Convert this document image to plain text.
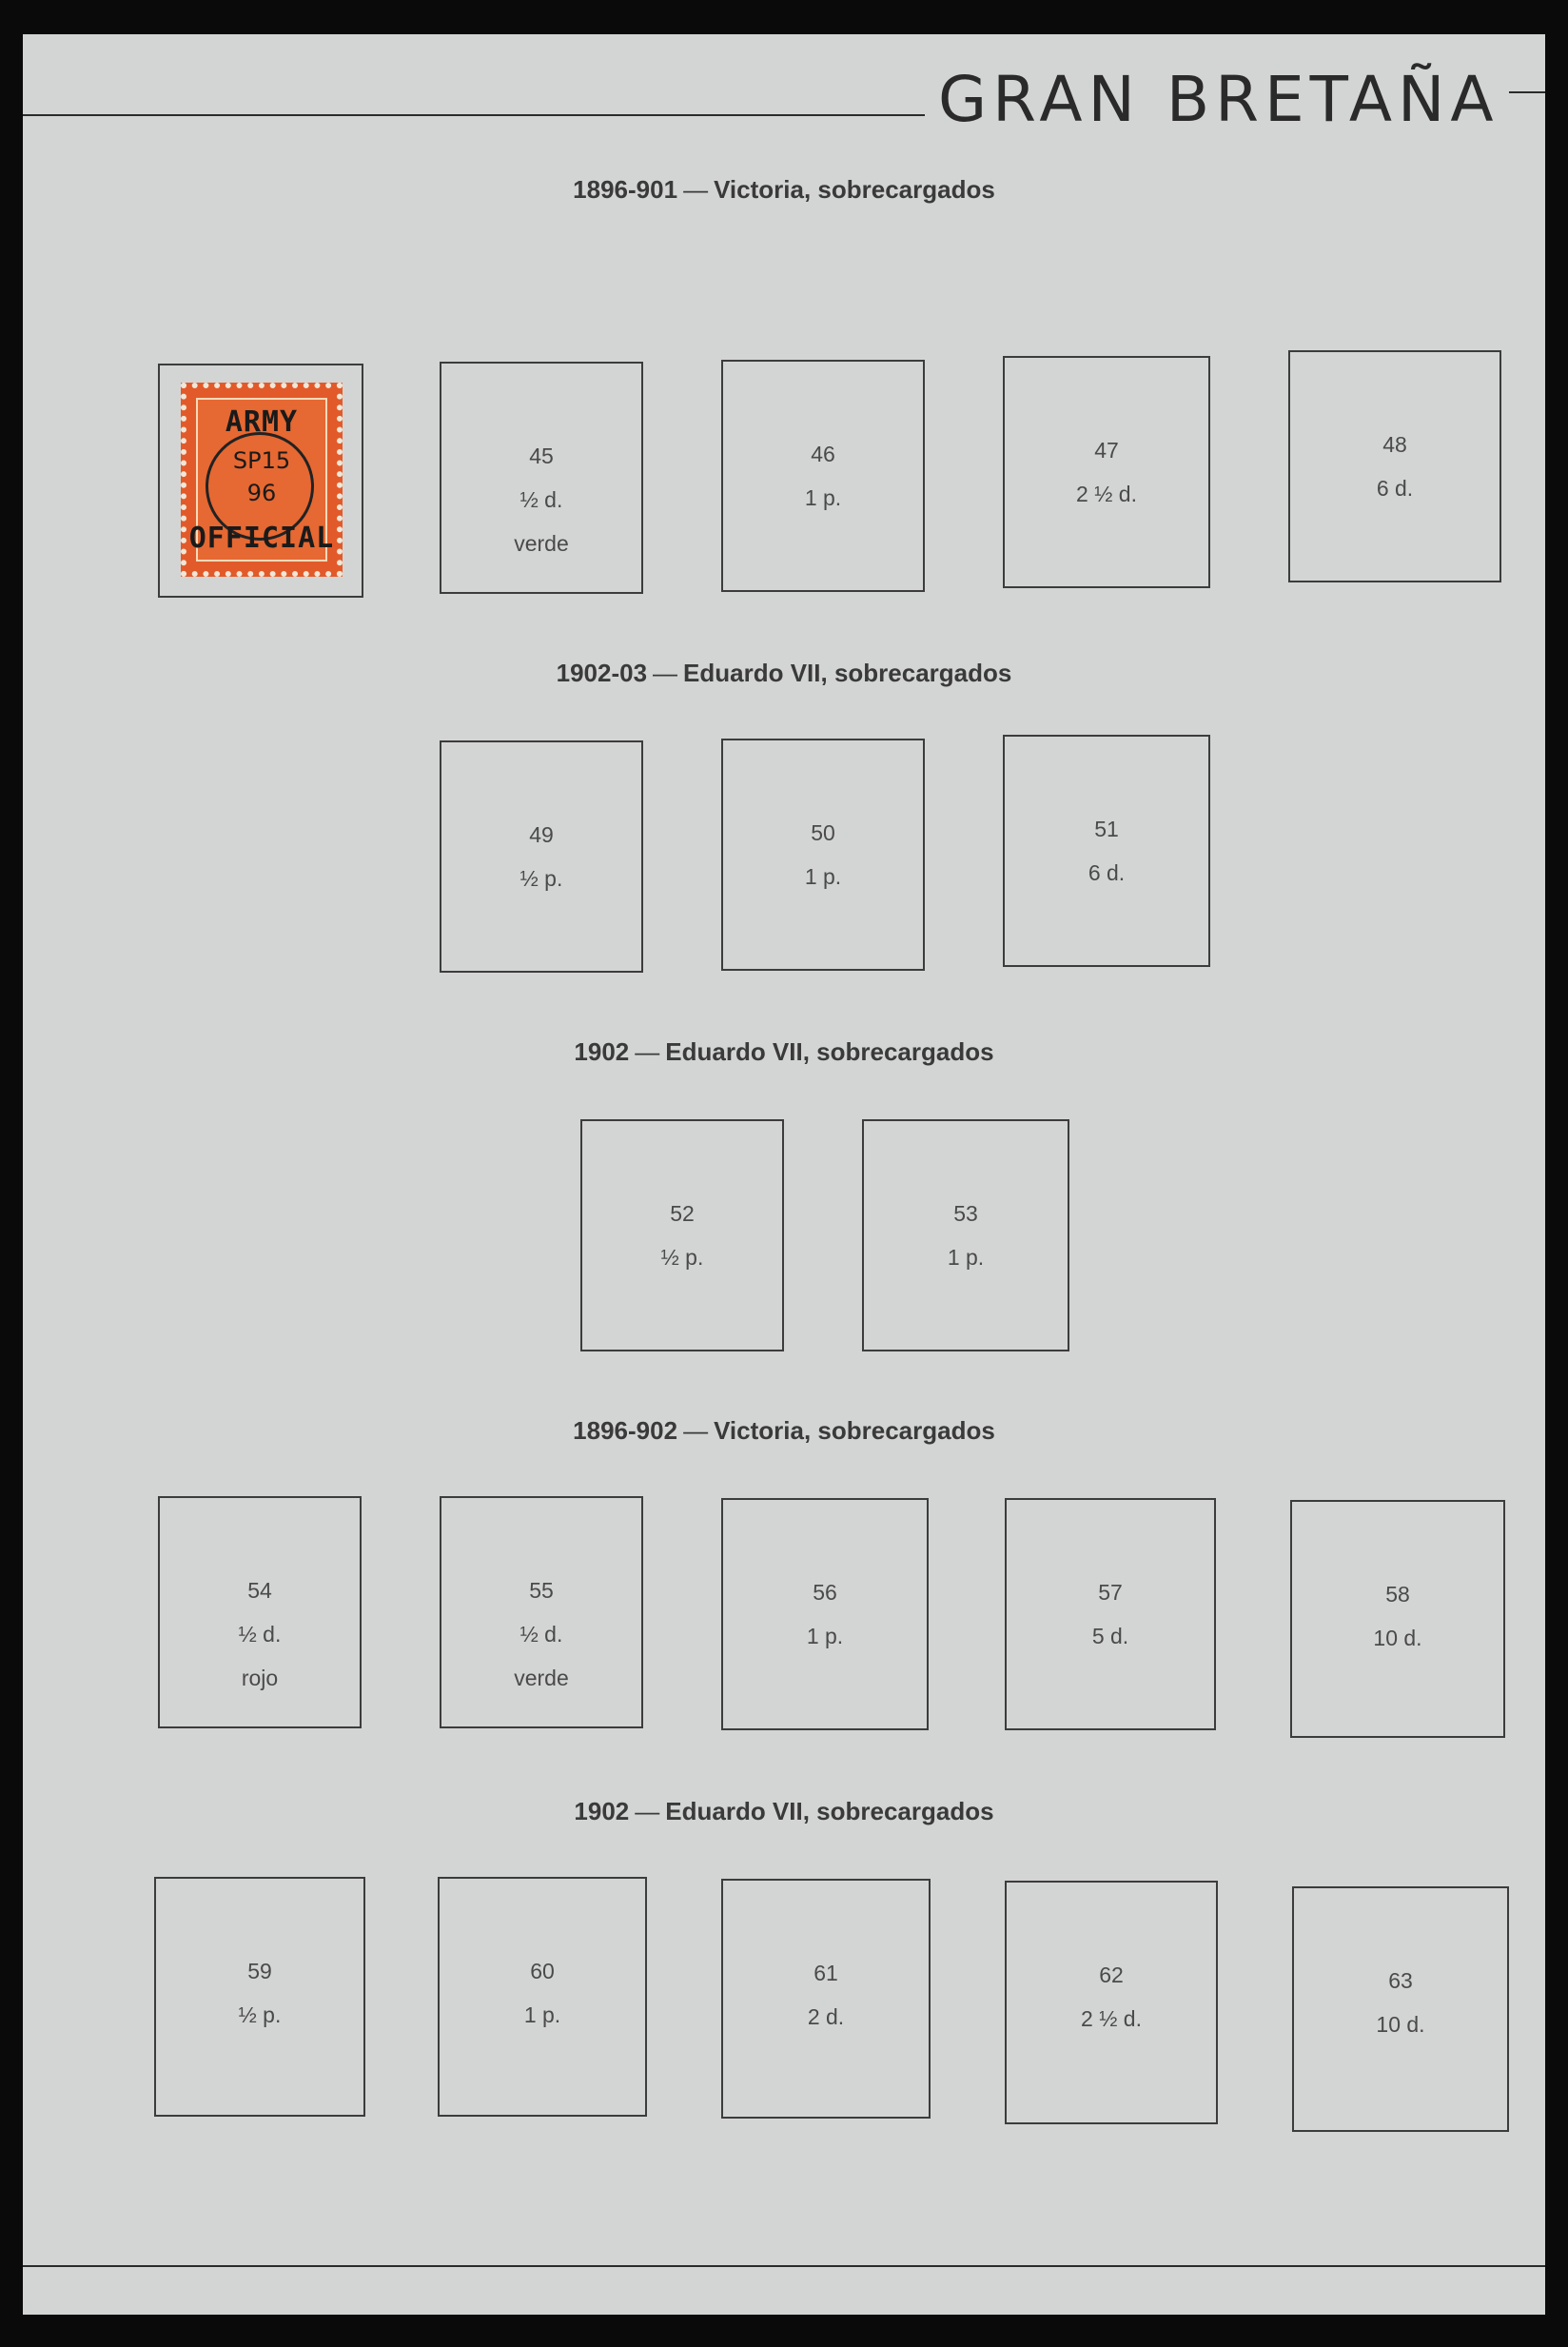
GRAN BRETAÑA
1896-901 — Victoria, sobrecargados
ARMY
SP15
96
OFFICIAL
45
½ d.
verde
46
1 p.
47
2 ½ d.
48
6 d.
1902-03 — Eduardo VII, sobrecargados
49
½ p.
50
1 p.
51
6 d.
1902 — Eduardo VII, sobrecargados
52
½ p.
53
1 p.
1896-902 — Victoria, sobrecargados
54
½ d.
rojo
55
½ d.
verde
56
1 p.
57
5 d.
58
10 d.
1902 — Eduardo VII, sobrecargados
59
½ p.
60
1 p.
61
2 d.
62
2 ½ d.
63
10 d.
